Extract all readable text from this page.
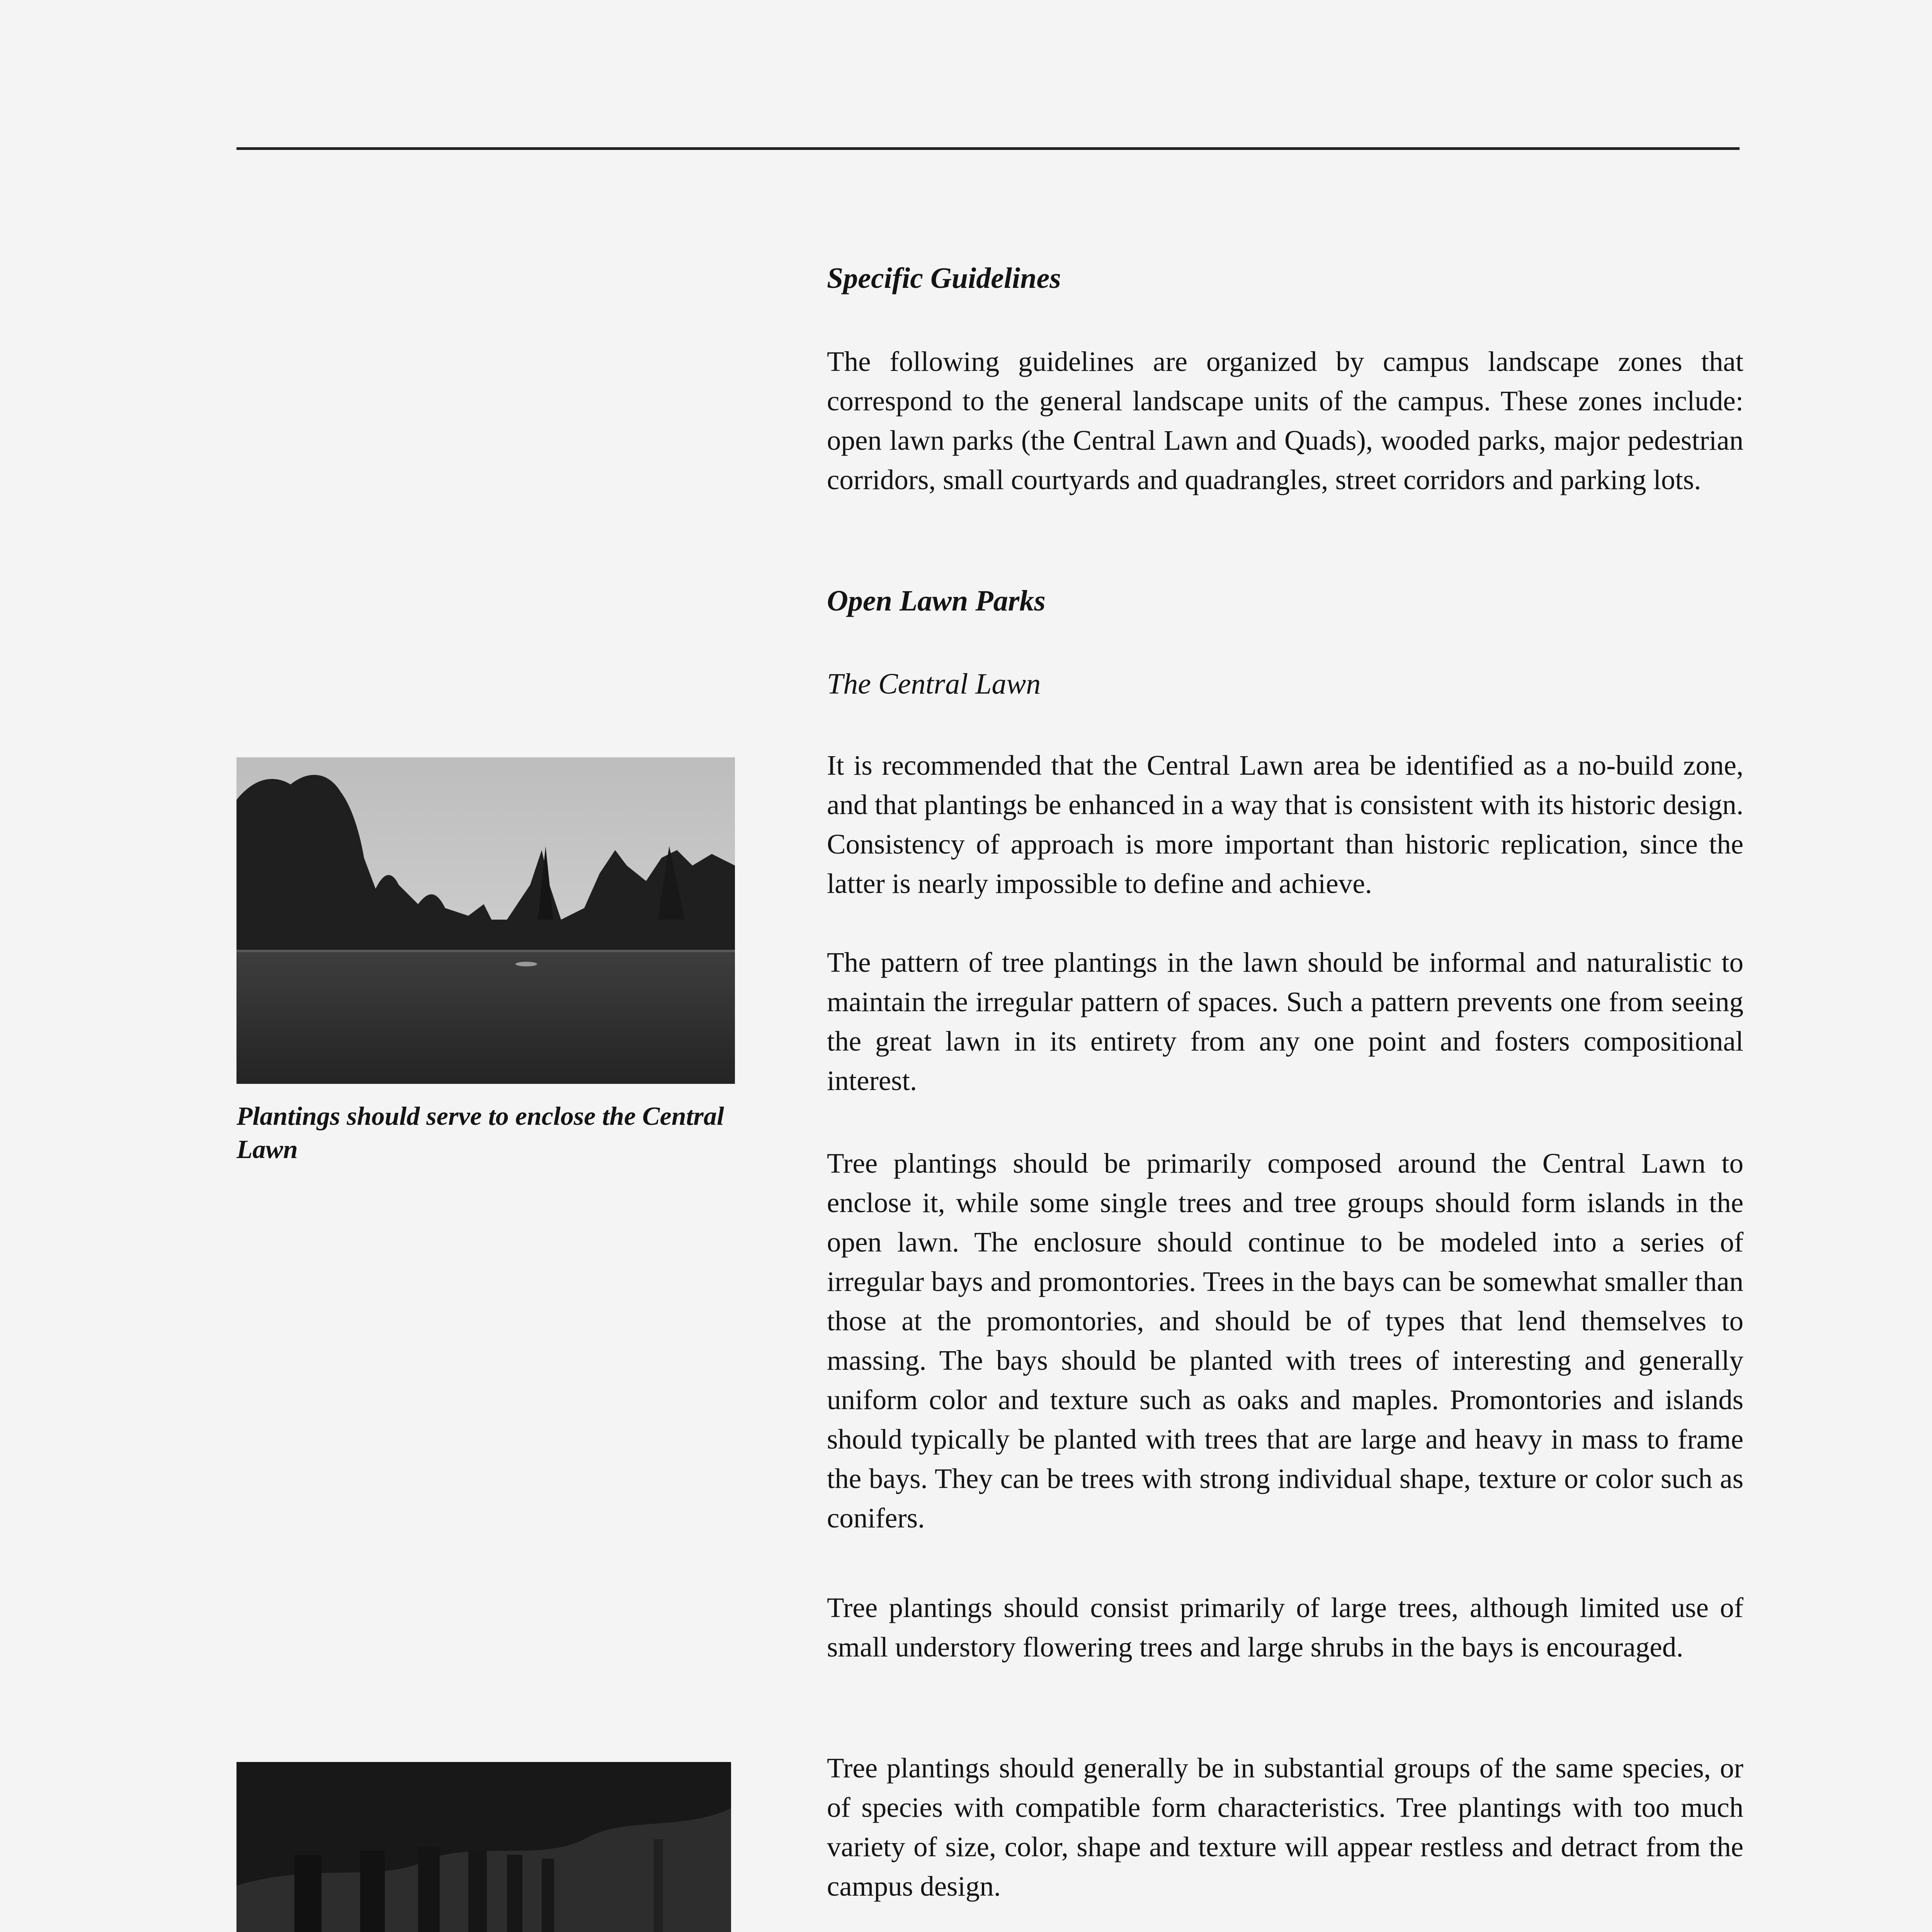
Plantings should serve to enclose the Central Lawn

Specific Guidelines

The following guidelines are organized by campus landscape zones that correspond to the general landscape units of the campus. These zones include: open lawn parks (the Central Lawn and Quads), wooded parks, major pedestrian corridors, small courtyards and quadrangles, street corridors and parking lots.

Open Lawn Parks

The Central Lawn

It is recommended that the Central Lawn area be identified as a no-build zone, and that plantings be enhanced in a way that is consistent with its historic design. Consistency of approach is more important than historic replication, since the latter is nearly impossible to define and achieve.

The pattern of tree plantings in the lawn should be informal and naturalistic to maintain the irregular pattern of spaces. Such a pattern prevents one from seeing the great lawn in its entirety from any one point and fosters compositional interest.

Tree plantings should be primarily composed around the Central Lawn to enclose it, while some single trees and tree groups should form islands in the open lawn. The enclosure should continue to be modeled into a series of irregular bays and promontories. Trees in the bays can be somewhat smaller than those at the promontories, and should be of types that lend themselves to massing. The bays should be planted with trees of interesting and generally uniform color and texture such as oaks and maples. Promontories and islands should typically be planted with trees that are large and heavy in mass to frame the bays. They can be trees with strong individual shape, texture or color such as conifers.

Tree plantings should consist primarily of large trees, although limited use of small understory flowering trees and large shrubs in the bays is encouraged.

Tree plantings should generally be in substantial groups of the same species, or of species with compatible form characteristics. Tree plantings with too much variety of size, color, shape and texture will appear restless and detract from the campus design.
